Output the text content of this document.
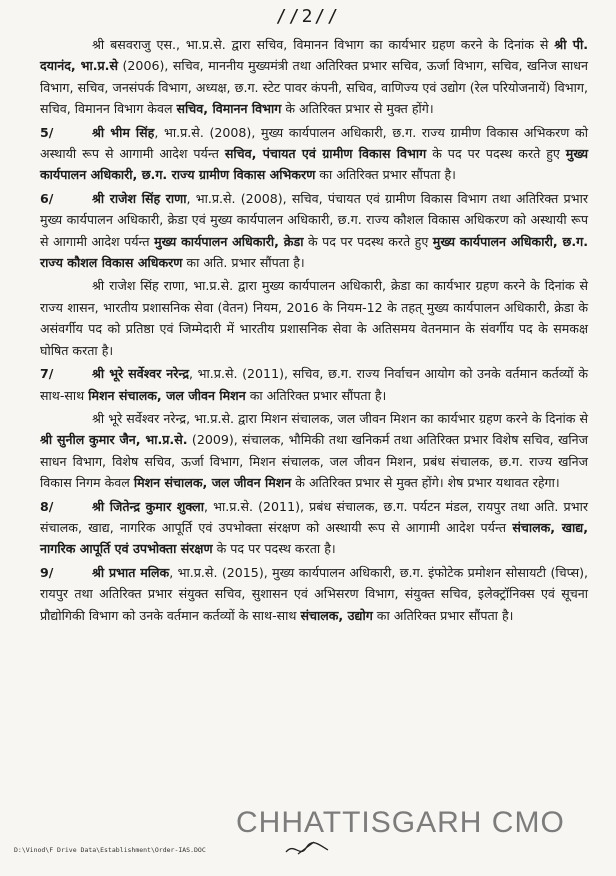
//2//

श्री बसवराजु एस., भा.प्र.से. द्वारा सचिव, विमानन विभाग का कार्यभार ग्रहण करने के दिनांक से श्री पी. दयानंद, भा.प्र.से (2006), सचिव, माननीय मुख्यमंत्री तथा अतिरिक्त प्रभार सचिव, ऊर्जा विभाग, सचिव, खनिज साधन विभाग, सचिव, जनसंपर्क विभाग, अध्यक्ष, छ.ग. स्टेट पावर कंपनी, सचिव, वाणिज्य एवं उद्योग (रेल परियोजनायें) विभाग, सचिव, विमानन विभाग केवल सचिव, विमानन विभाग के अतिरिक्त प्रभार से मुक्त होंगे।

5/	श्री भीम सिंह, भा.प्र.से. (2008), मुख्य कार्यपालन अधिकारी, छ.ग. राज्य ग्रामीण विकास अभिकरण को अस्थायी रूप से आगामी आदेश पर्यन्त सचिव, पंचायत एवं ग्रामीण विकास विभाग के पद पर पदस्थ करते हुए मुख्य कार्यपालन अधिकारी, छ.ग. राज्य ग्रामीण विकास अभिकरण का अतिरिक्त प्रभार सौंपता है।

6/	श्री राजेश सिंह राणा, भा.प्र.से. (2008), सचिव, पंचायत एवं ग्रामीण विकास विभाग तथा अतिरिक्त प्रभार मुख्य कार्यपालन अधिकारी, क्रेडा एवं मुख्य कार्यपालन अधिकारी, छ.ग. राज्य कौशल विकास अधिकरण को अस्थायी रूप से आगामी आदेश पर्यन्त मुख्य कार्यपालन अधिकारी, क्रेडा के पद पर पदस्थ करते हुए मुख्य कार्यपालन अधिकारी, छ.ग. राज्य कौशल विकास अधिकरण का अति. प्रभार सौंपता है।

श्री राजेश सिंह राणा, भा.प्र.से. द्वारा मुख्य कार्यपालन अधिकारी, क्रेडा का कार्यभार ग्रहण करने के दिनांक से राज्य शासन, भारतीय प्रशासनिक सेवा (वेतन) नियम, 2016 के नियम-12 के तहत् मुख्य कार्यपालन अधिकारी, क्रेडा के असंवर्गीय पद को प्रतिष्ठा एवं जिम्मेदारी में भारतीय प्रशासनिक सेवा के अतिसमय वेतनमान के संवर्गीय पद के समकक्ष घोषित करता है।

7/	श्री भूरे सर्वेश्वर नरेन्द्र, भा.प्र.से. (2011), सचिव, छ.ग. राज्य निर्वाचन आयोग को उनके वर्तमान कर्तव्यों के साथ-साथ मिशन संचालक, जल जीवन मिशन का अतिरिक्त प्रभार सौंपता है।

श्री भूरे सर्वेश्वर नरेन्द्र, भा.प्र.से. द्वारा मिशन संचालक, जल जीवन मिशन का कार्यभार ग्रहण करने के दिनांक से श्री सुनील कुमार जैन, भा.प्र.से. (2009), संचालक, भौमिकी तथा खनिकर्म तथा अतिरिक्त प्रभार विशेष सचिव, खनिज साधन विभाग, विशेष सचिव, ऊर्जा विभाग, मिशन संचालक, जल जीवन मिशन, प्रबंध संचालक, छ.ग. राज्य खनिज विकास निगम केवल मिशन संचालक, जल जीवन मिशन के अतिरिक्त प्रभार से मुक्त होंगे। शेष प्रभार यथावत रहेगा।

8/	श्री जितेन्द्र कुमार शुक्ला, भा.प्र.से. (2011), प्रबंध संचालक, छ.ग. पर्यटन मंडल, रायपुर तथा अति. प्रभार संचालक, खाद्य, नागरिक आपूर्ति एवं उपभोक्ता संरक्षण को अस्थायी रूप से आगामी आदेश पर्यन्त संचालक, खाद्य, नागरिक आपूर्ति एवं उपभोक्ता संरक्षण के पद पर पदस्थ करता है।

9/	श्री प्रभात मलिक, भा.प्र.से. (2015), मुख्य कार्यपालन अधिकारी, छ.ग. इंफोटेक प्रमोशन सोसायटी (चिप्स), रायपुर तथा अतिरिक्त प्रभार संयुक्त सचिव, सुशासन एवं अभिसरण विभाग, संयुक्त सचिव, इलेक्ट्रॉनिक्स एवं सूचना प्रौद्योगिकी विभाग को उनके वर्तमान कर्तव्यों के साथ-साथ संचालक, उद्योग का अतिरिक्त प्रभार सौंपता है।

CHHATTISGARH CMO
D:\Vinod\F Drive Data\Establishment\Order-IAS.DOC
